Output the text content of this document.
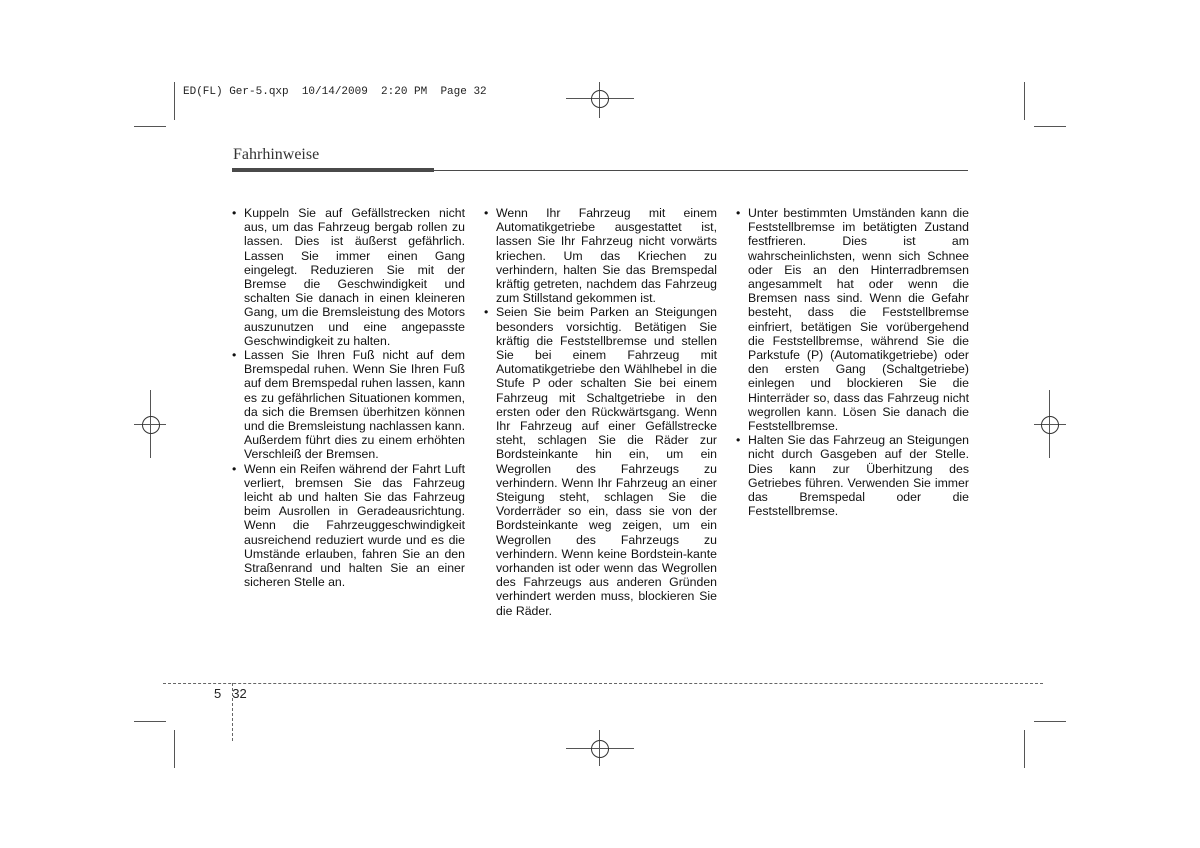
ED(FL) Ger-5.qxp  10/14/2009  2:20 PM  Page 32
Fahrhinweise
• Kuppeln Sie auf Gefällstrecken nicht aus, um das Fahrzeug bergab rollen zu lassen. Dies ist äußerst gefährlich. Lassen Sie immer einen Gang eingelegt. Reduzieren Sie mit der Bremse die Geschwindigkeit und schalten Sie danach in einen kleineren Gang, um die Bremsleistung des Motors auszunutzen und eine angepasste Geschwindigkeit zu halten.
• Lassen Sie Ihren Fuß nicht auf dem Bremspedal ruhen. Wenn Sie Ihren Fuß auf dem Bremspedal ruhen lassen, kann es zu gefährlichen Situationen kommen, da sich die Bremsen überhitzen können und die Bremsleistung nachlassen kann. Außerdem führt dies zu einem erhöhten Verschleiß der Bremsen.
• Wenn ein Reifen während der Fahrt Luft verliert, bremsen Sie das Fahrzeug leicht ab und halten Sie das Fahrzeug beim Ausrollen in Geradeausrichtung. Wenn die Fahrzeuggeschwindigkeit ausreichend reduziert wurde und es die Umstände erlauben, fahren Sie an den Straßenrand und halten Sie an einer sicheren Stelle an.
• Wenn Ihr Fahrzeug mit einem Automatikgetriebe ausgestattet ist, lassen Sie Ihr Fahrzeug nicht vorwärts kriechen. Um das Kriechen zu verhindern, halten Sie das Bremspedal kräftig getreten, nachdem das Fahrzeug zum Stillstand gekommen ist.
• Seien Sie beim Parken an Steigungen besonders vorsichtig. Betätigen Sie kräftig die Feststellbremse und stellen Sie bei einem Fahrzeug mit Automatikgetriebe den Wählhebel in die Stufe P oder schalten Sie bei einem Fahrzeug mit Schaltgetriebe in den ersten oder den Rückwärtsgang. Wenn Ihr Fahrzeug auf einer Gefällstrecke steht, schlagen Sie die Räder zur Bordsteinkante hin ein, um ein Wegrollen des Fahrzeugs zu verhindern. Wenn Ihr Fahrzeug an einer Steigung steht, schlagen Sie die Vorderräder so ein, dass sie von der Bordsteinkante weg zeigen, um ein Wegrollen des Fahrzeugs zu verhindern. Wenn keine Bordstein-kante vorhanden ist oder wenn das Wegrollen des Fahrzeugs aus anderen Gründen verhindert werden muss, blockieren Sie die Räder.
• Unter bestimmten Umständen kann die Feststellbremse im betätigten Zustand festfrieren. Dies ist am wahrscheinlichsten, wenn sich Schnee oder Eis an den Hinterradbremsen angesammelt hat oder wenn die Bremsen nass sind. Wenn die Gefahr besteht, dass die Feststellbremse einfriert, betätigen Sie vorübergehend die Feststellbremse, während Sie die Parkstufe (P) (Automatikgetriebe) oder den ersten Gang (Schaltgetriebe) einlegen und blockieren Sie die Hinterräder so, dass das Fahrzeug nicht wegrollen kann. Lösen Sie danach die Feststellbremse.
• Halten Sie das Fahrzeug an Steigungen nicht durch Gasgeben auf der Stelle. Dies kann zur Überhitzung des Getriebes führen. Verwenden Sie immer das Bremspedal oder die Feststellbremse.
5 32
